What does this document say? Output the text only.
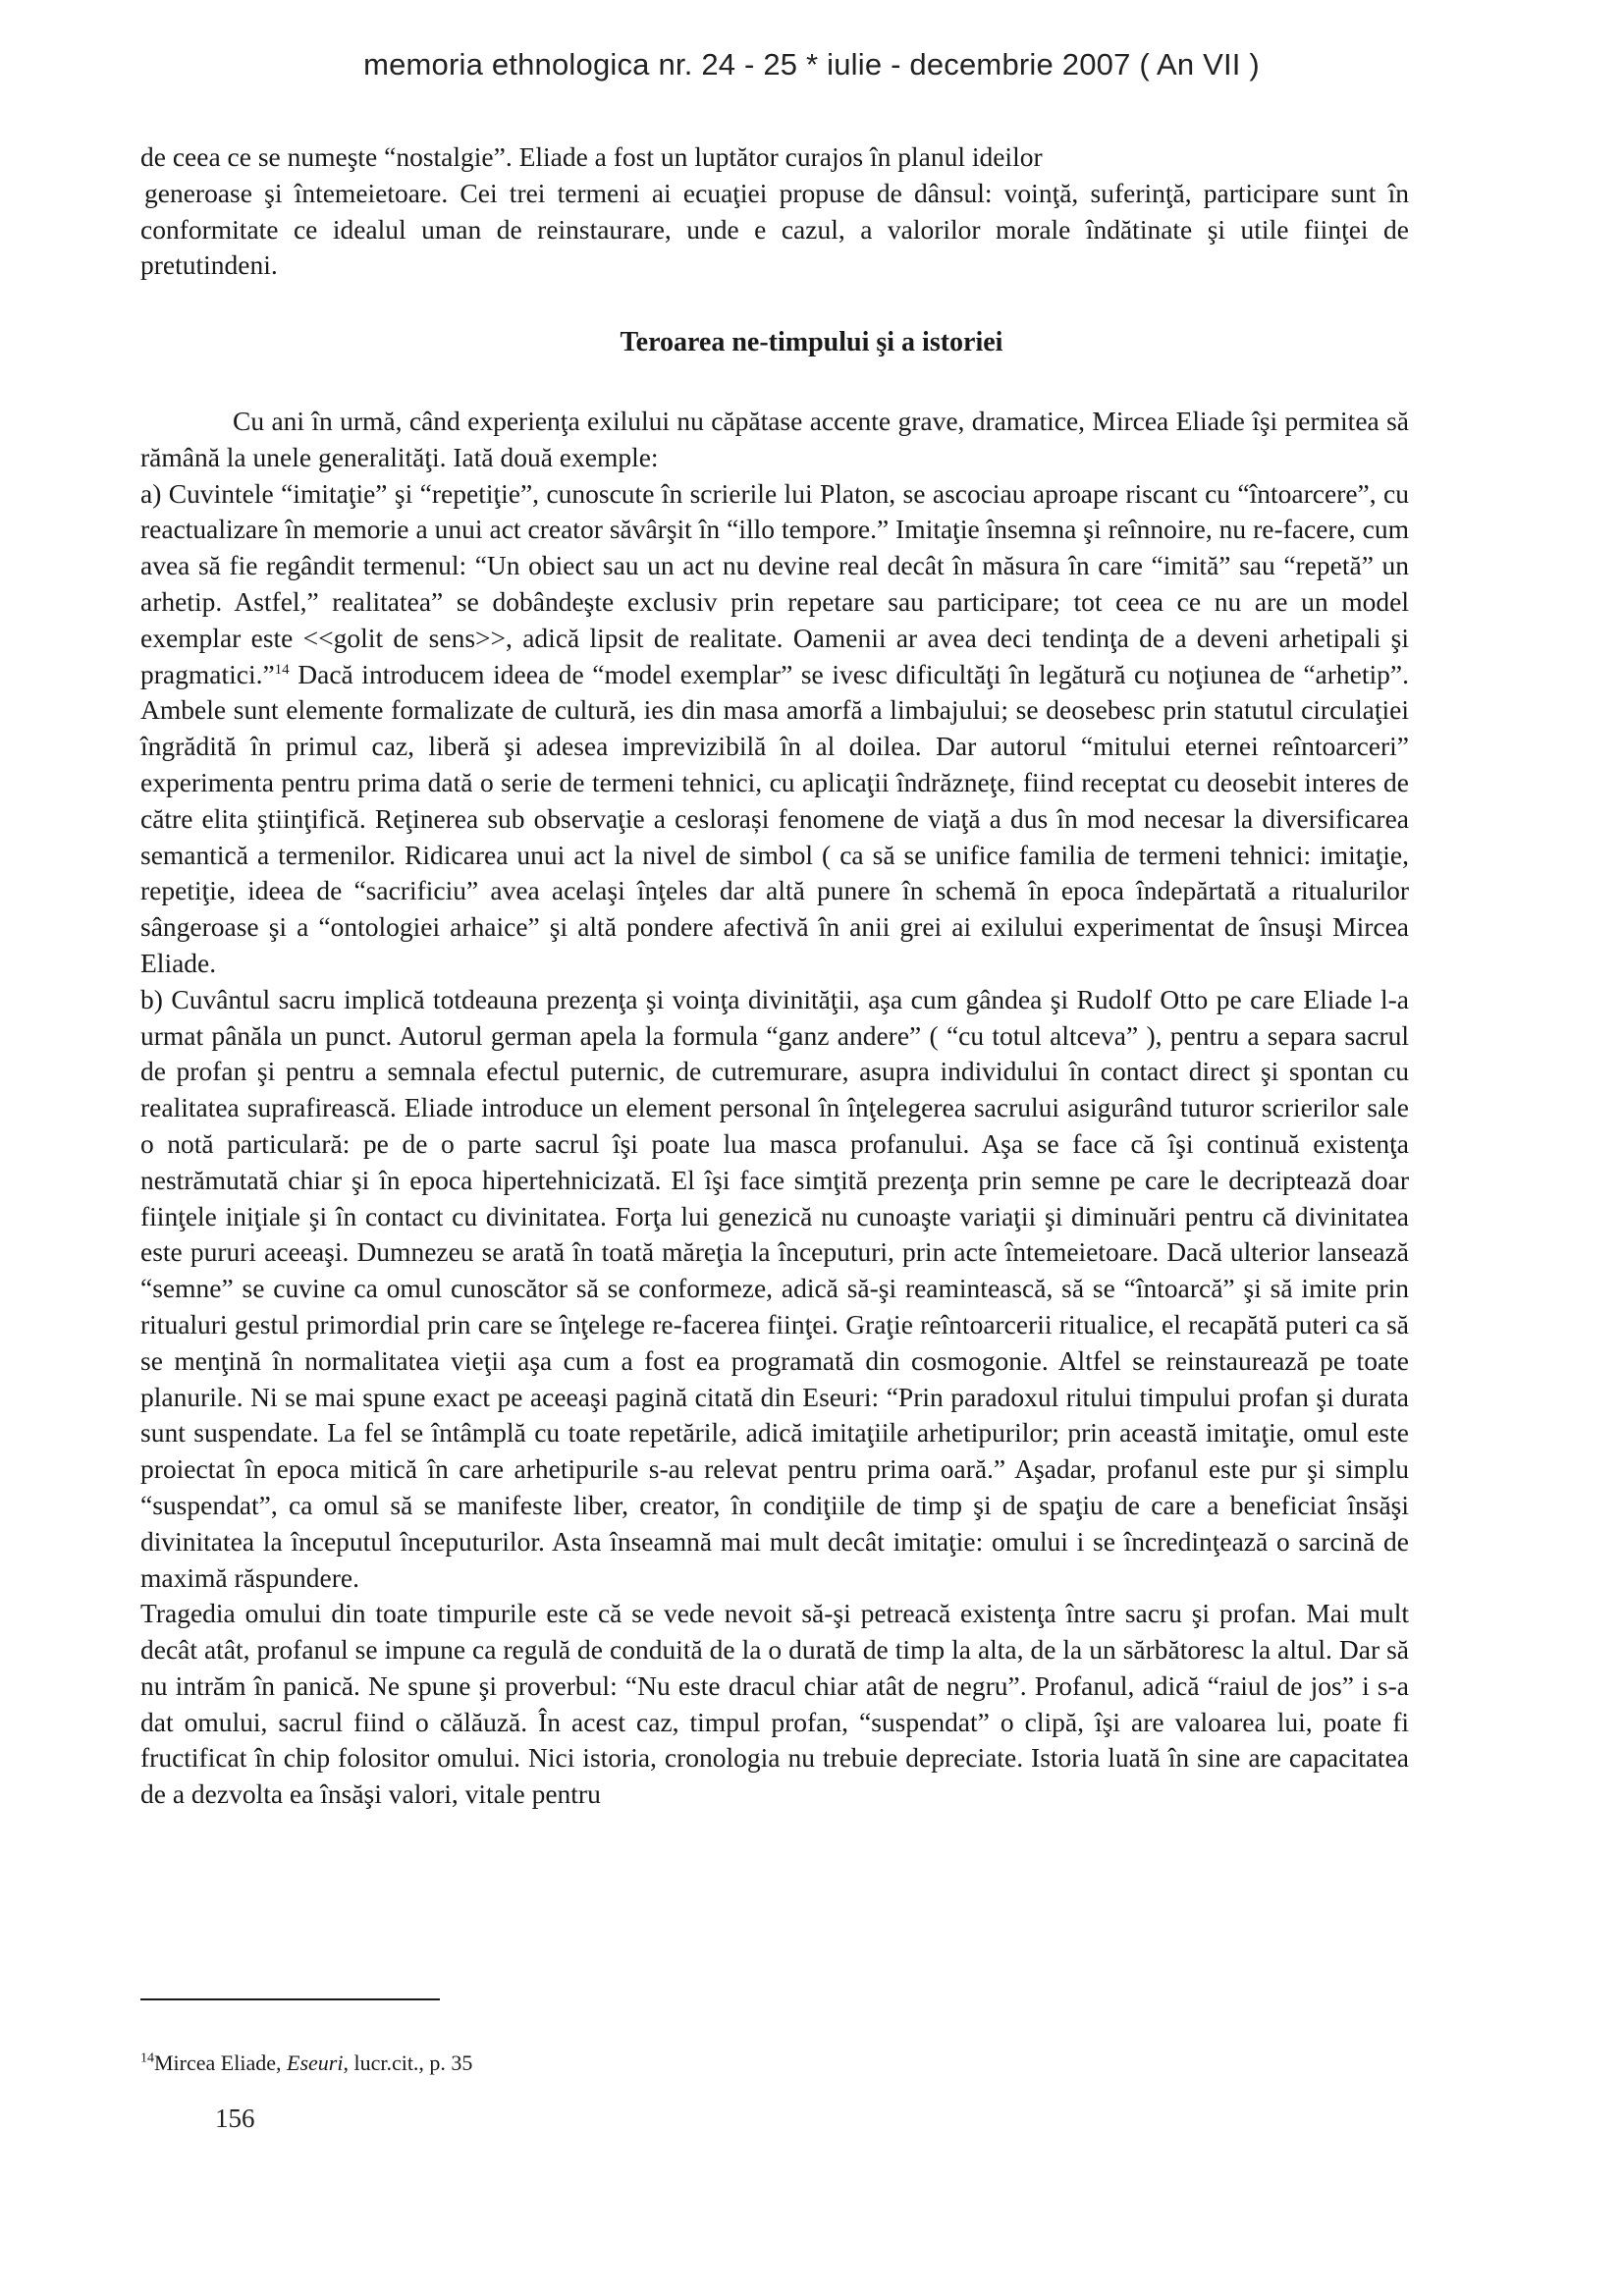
memoria ethnologica nr. 24 - 25 * iulie - decembrie 2007 ( An VII )

de ceea ce se numeşte “nostalgie”. Eliade a fost un luptător curajos în planul ideilor

generoase şi întemeietoare. Cei trei termeni ai ecuaţiei propuse de dânsul: voinţă, suferinţă, participare sunt în conformitate ce idealul uman de reinstaurare, unde e cazul, a valorilor morale îndătinate şi utile fiinţei de pretutindeni.

Teroarea ne-timpului şi a istoriei

Cu ani în urmă, când experienţa exilului nu căpătase accente grave, dramatice, Mircea Eliade îşi permitea să rămână la unele generalităţi. Iată două exemple:

a) Cuvintele “imitaţie” şi “repetiţie”, cunoscute în scrierile lui Platon, se ascociau aproape riscant cu “întoarcere”, cu reactualizare în memorie a unui act creator săvârşit în “illo tempore.” Imitaţie însemna şi reînnoire, nu re-facere, cum avea să fie regândit termenul: “Un obiect sau un act nu devine real decât în măsura în care “imită” sau “repetă” un arhetip. Astfel,” realitatea” se dobândeşte exclusiv prin repetare sau participare; tot ceea ce nu are un model exemplar este <<golit de sens>>, adică lipsit de realitate. Oamenii ar avea deci tendinţa de a deveni arhetipali şi pragmatici.”$^{14}$ Dacă introducem ideea de “model exemplar” se ivesc dificultăţi în legătură cu noţiunea de “arhetip”. Ambele sunt elemente formalizate de cultură, ies din masa amorfă a limbajului; se deosebesc prin statutul circulaţiei îngrădită în primul caz, liberă şi adesea imprevizibilă în al doilea. Dar autorul “mitului eternei reîntoarceri” experimenta pentru prima dată o serie de termeni tehnici, cu aplicaţii îndrăzneţe, fiind receptat cu deosebit interes de către elita ştiinţifică. Reţinerea sub observaţie a ceslorași fenomene de viaţă a dus în mod necesar la diversificarea semantică a termenilor. Ridicarea unui act la nivel de simbol ( ca să se unifice familia de termeni tehnici: imitaţie, repetiţie, ideea de “sacrificiu” avea acelaşi înţeles dar altă punere în schemă în epoca îndepărtată a ritualurilor sângeroase şi a “ontologiei arhaice” şi altă pondere afectivă în anii grei ai exilului experimentat de însuşi Mircea Eliade.

b) Cuvântul sacru implică totdeauna prezenţa şi voinţa divinităţii, aşa cum gândea şi Rudolf Otto pe care Eliade l-a urmat pânăla un punct. Autorul german apela la formula “ganz andere” ( “cu totul altceva” ), pentru a separa sacrul de profan şi pentru a semnala efectul puternic, de cutremurare, asupra individului în contact direct şi spontan cu realitatea suprafirească. Eliade introduce un element personal în înţelegerea sacrului asigurând tuturor scrierilor sale o notă particulară: pe de o parte sacrul îşi poate lua masca profanului. Aşa se face că îşi continuă existenţa nestrămutată chiar şi în epoca hipertehnicizată. El îşi face simţită prezenţa prin semne pe care le decriptează doar fiinţele iniţiale şi în contact cu divinitatea. Forţa lui genezică nu cunoaşte variaţii şi diminuări pentru că divinitatea este pururi aceeaşi. Dumnezeu se arată în toată măreţia la începuturi, prin acte întemeietoare. Dacă ulterior lansează “semne” se cuvine ca omul cunoscător să se conformeze, adică să-şi reamintească, să se “întoarcă” şi să imite prin ritualuri gestul primordial prin care se înţelege re-facerea fiinţei. Graţie reîntoarcerii ritualice, el recapătă puteri ca să se menţină în normalitatea vieţii aşa cum a fost ea programată din cosmogonie. Altfel se reinstaurează pe toate planurile. Ni se mai spune exact pe aceeaşi pagină citată din Eseuri: “Prin paradoxul ritului timpului profan şi durata sunt suspendate. La fel se întâmplă cu toate repetările, adică imitaţiile arhetipurilor; prin această imitaţie, omul este proiectat în epoca mitică în care arhetipurile s-au relevat pentru prima oară.” Aşadar, profanul este pur şi simplu “suspendat”, ca omul să se manifeste liber, creator, în condiţiile de timp şi de spaţiu de care a beneficiat însăşi divinitatea la începutul începuturilor. Asta înseamnă mai mult decât imitaţie: omului i se încredinţează o sarcină de maximă răspundere.

Tragedia omului din toate timpurile este că se vede nevoit să-şi petreacă existenţa între sacru şi profan. Mai mult decât atât, profanul se impune ca regulă de conduită de la o durată de timp la alta, de la un sărbătoresc la altul. Dar să nu intrăm în panică. Ne spune şi proverbul: “Nu este dracul chiar atât de negru”. Profanul, adică “raiul de jos” i s-a dat omului, sacrul fiind o călăuză. În acest caz, timpul profan, “suspendat” o clipă, îşi are valoarea lui, poate fi fructificat în chip folositor omului. Nici istoria, cronologia nu trebuie depreciate. Istoria luată în sine are capacitatea de a dezvolta ea însăşi valori, vitale pentru

$^{14}$Mircea Eliade, Eseuri, lucr.cit., p. 35
156
